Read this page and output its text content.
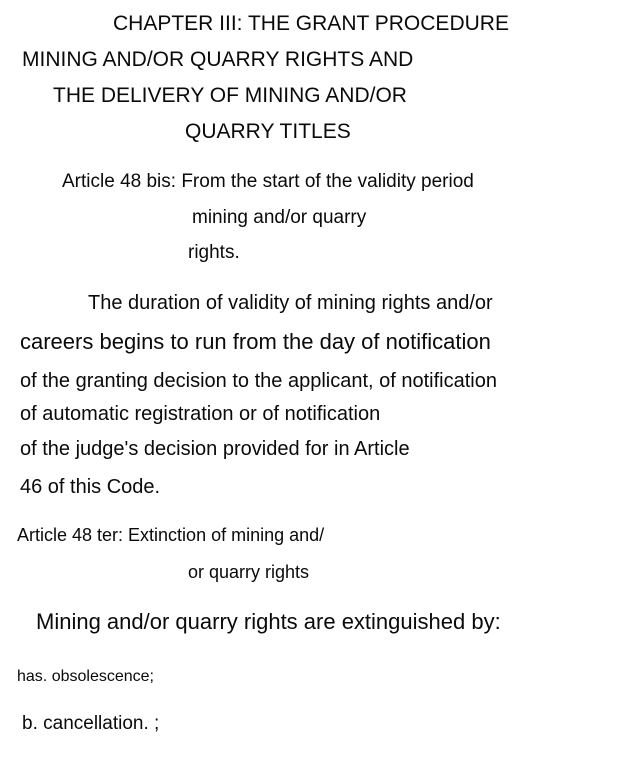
CHAPTER III: THE GRANT PROCEDURE
MINING AND/OR QUARRY RIGHTS AND
THE DELIVERY OF MINING AND/OR
QUARRY TITLES
Article 48 bis: From the start of the validity period
mining and/or quarry
rights.
The duration of validity of mining rights and/or
careers begins to run from the day of notification
of the granting decision to the applicant, of notification
of automatic registration or of notification
of the judge's decision provided for in Article
46 of this Code.
Article 48 ter: Extinction of mining and/
or quarry rights
Mining and/or quarry rights are extinguished by:
has. obsolescence;
b. cancellation. ;
